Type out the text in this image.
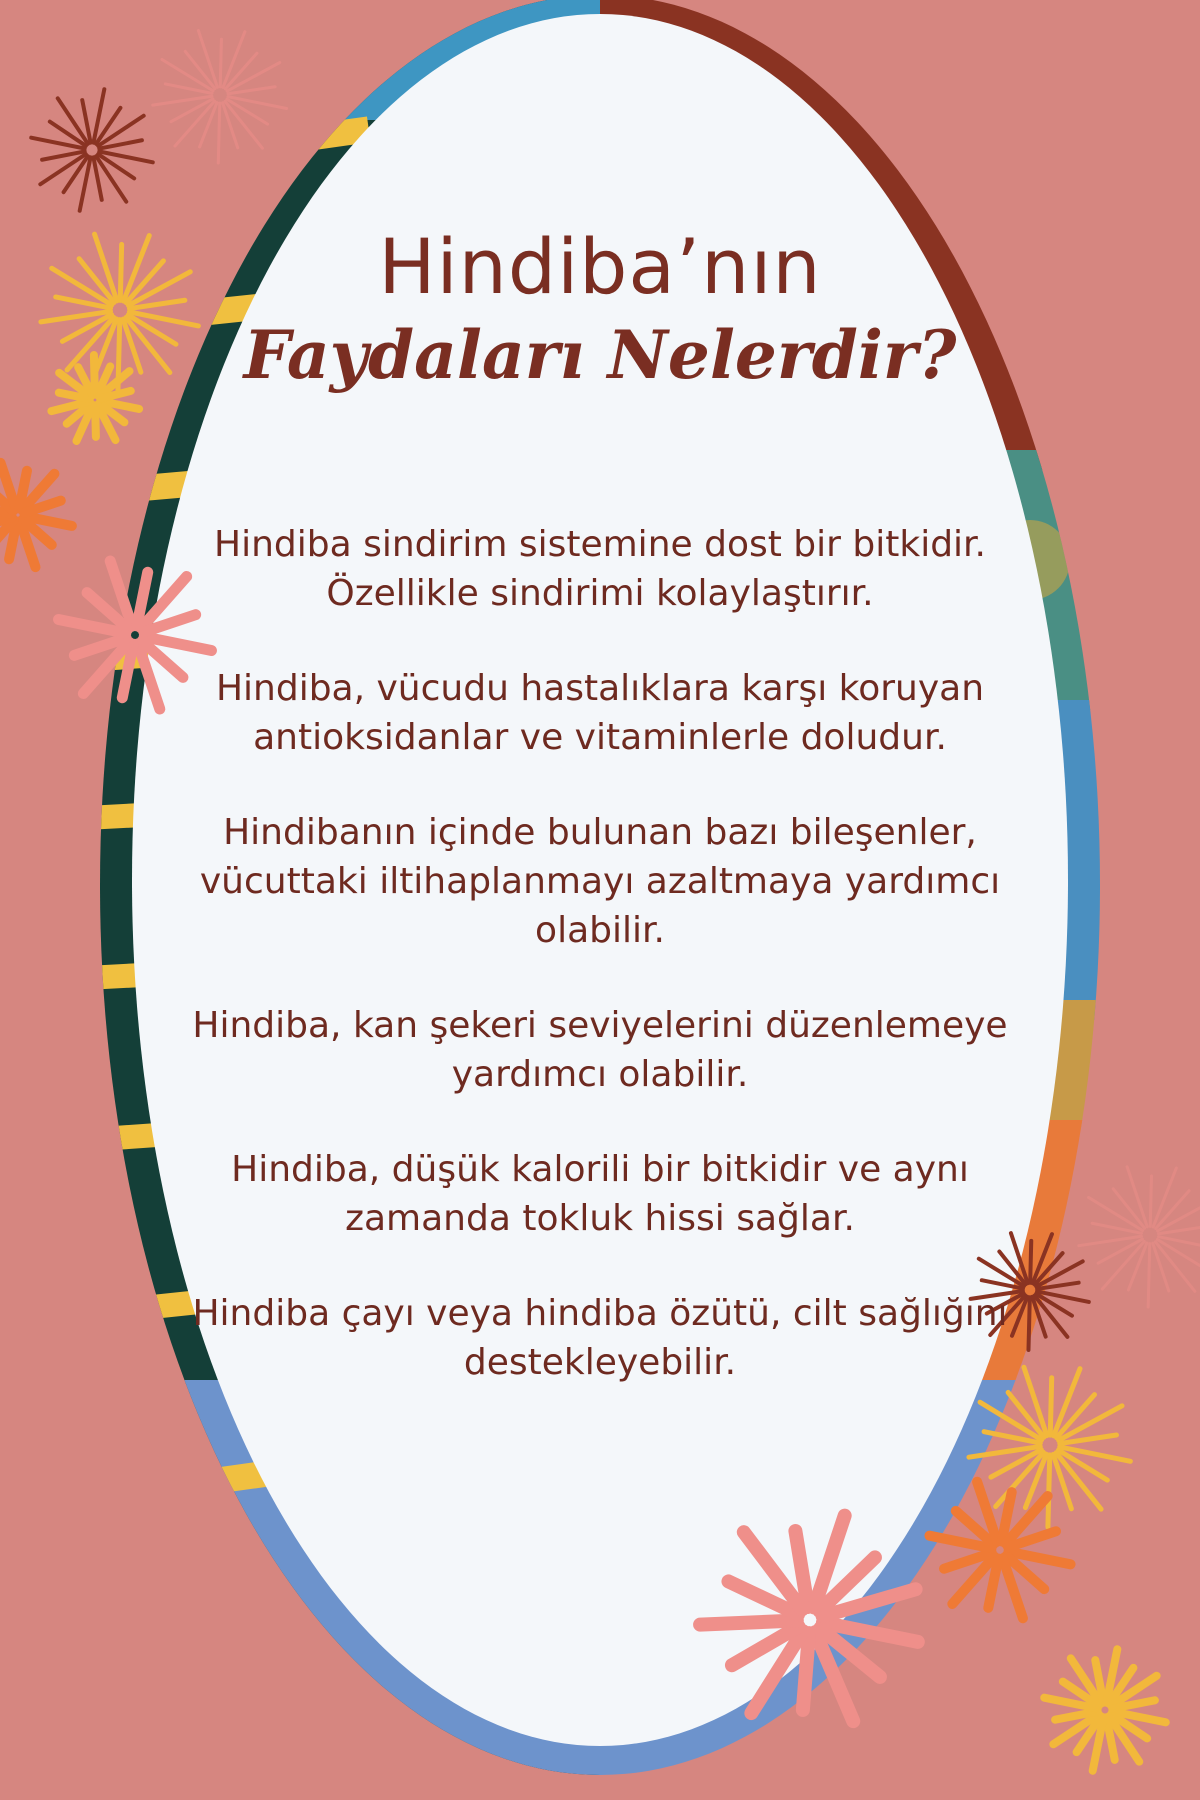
Hindiba’nın
Faydaları Nelerdir?
Hindiba sindirim sistemine dost bir bitkidir. Özellikle sindirimi kolaylaştırır.
Hindiba, vücudu hastalıklara karşı koruyan antioksidanlar ve vitaminlerle doludur.
Hindibanın içinde bulunan bazı bileşenler, vücuttaki iltihaplanmayı azaltmaya yardımcı olabilir.
Hindiba, kan şekeri seviyelerini düzenlemeye yardımcı olabilir.
Hindiba, düşük kalorili bir bitkidir ve aynı zamanda tokluk hissi sağlar.
Hindiba çayı veya hindiba özütü, cilt sağlığını destekleyebilir.
